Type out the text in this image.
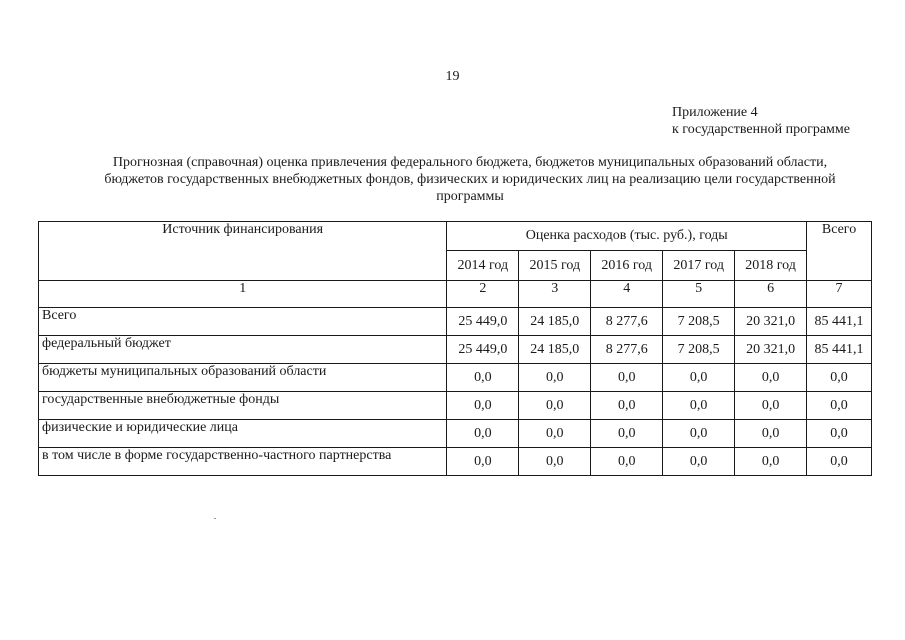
19
Приложение 4
к государственной программе
Прогнозная (справочная) оценка привлечения федерального бюджета, бюджетов муниципальных образований области,
бюджетов государственных внебюджетных фондов, физических и юридических лиц на реализацию цели государственной
программы
Источник финансирования	Оценка расходов (тыс. руб.), годы					Всего
	2014 год	2015 год	2016 год	2017 год	2018 год	
1	2	3	4	5	6	7
Всего	25 449,0	24 185,0	8 277,6	7 208,5	20 321,0	85 441,1
федеральный бюджет	25 449,0	24 185,0	8 277,6	7 208,5	20 321,0	85 441,1
бюджеты муниципальных образований области	0,0	0,0	0,0	0,0	0,0	0,0
государственные внебюджетные фонды	0,0	0,0	0,0	0,0	0,0	0,0
физические и юридические лица	0,0	0,0	0,0	0,0	0,0	0,0
в том числе в форме государственно-частного партнерства	0,0	0,0	0,0	0,0	0,0	0,0
